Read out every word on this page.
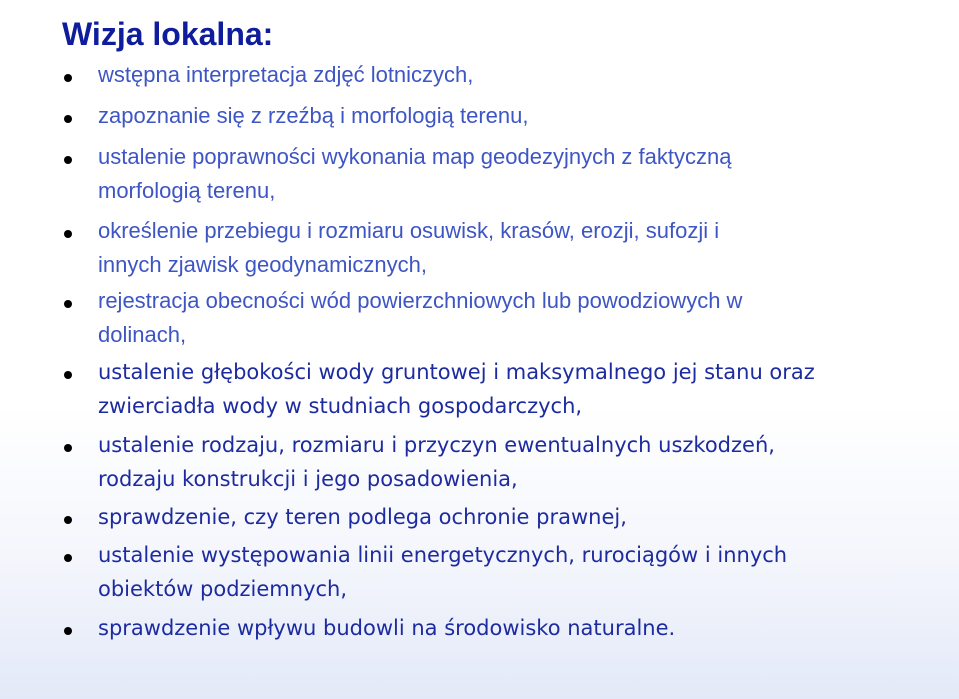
Wizja lokalna:
wstępna interpretacja zdjęć lotniczych,
zapoznanie się z rzeźbą i morfologią terenu,
ustalenie poprawności wykonania map geodezyjnych z faktyczną
morfologią terenu,
określenie przebiegu i rozmiaru osuwisk, krasów, erozji, sufozji i
innych zjawisk geodynamicznych,
rejestracja obecności wód powierzchniowych lub powodziowych w
dolinach,
ustalenie głębokości wody gruntowej i maksymalnego jej stanu oraz
zwierciadła wody w studniach gospodarczych,
ustalenie rodzaju, rozmiaru i przyczyn ewentualnych uszkodzeń,
rodzaju konstrukcji i jego posadowienia,
sprawdzenie, czy teren podlega ochronie prawnej,
ustalenie występowania linii energetycznych, rurociągów i innych
obiektów podziemnych,
sprawdzenie wpływu budowli na środowisko naturalne.
